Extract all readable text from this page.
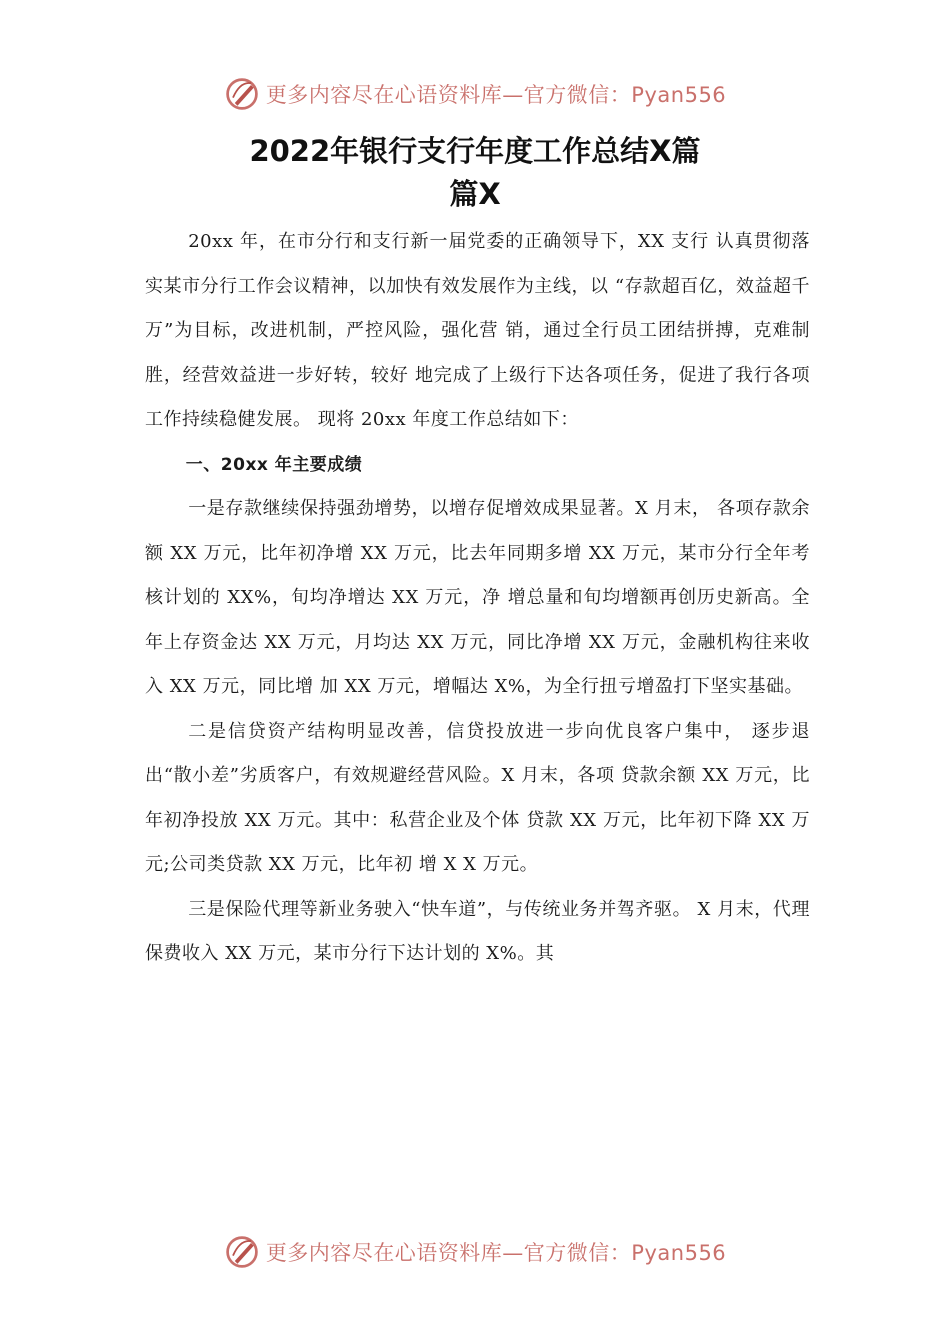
更多内容尽在心语资料库—官方微信：Pyan556
2022年银行支行年度工作总结X篇
篇X

20xx 年，在市分行和支行新一届党委的正确领导下，XX 支行 认真贯彻落实某市分行工作会议精神，以加快有效发展作为主线，以 “存款超百亿，效益超千万”为目标，改进机制，严控风险，强化营 销，通过全行员工团结拼搏，克难制胜，经营效益进一步好转，较好 地完成了上级行下达各项任务，促进了我行各项工作持续稳健发展。 现将 20xx 年度工作总结如下：

一、20xx 年主要成绩

一是存款继续保持强劲增势，以增存促增效成果显著。X 月末， 各项存款余额 XX 万元，比年初净增 XX 万元，比去年同期多增 XX 万元，某市分行全年考核计划的 XX%，旬均净增达 XX 万元，净 增总量和旬均增额再创历史新高。全年上存资金达 XX 万元，月均达 XX 万元，同比净增 XX 万元，金融机构往来收入 XX 万元，同比增 加 XX 万元，增幅达 X%，为全行扭亏增盈打下坚实基础。

二是信贷资产结构明显改善，信贷投放进一步向优良客户集中， 逐步退出“散小差”劣质客户，有效规避经营风险。X 月末，各项 贷款余额 XX 万元，比年初净投放 XX 万元。其中：私营企业及个体 贷款 XX 万元，比年初下降 XX 万元;公司类贷款 XX 万元，比年初 增 X X 万元。

三是保险代理等新业务驶入“快车道”，与传统业务并驾齐驱。 X 月末，代理保费收入 XX 万元，某市分行下达计划的 X%。其

更多内容尽在心语资料库—官方微信：Pyan556
